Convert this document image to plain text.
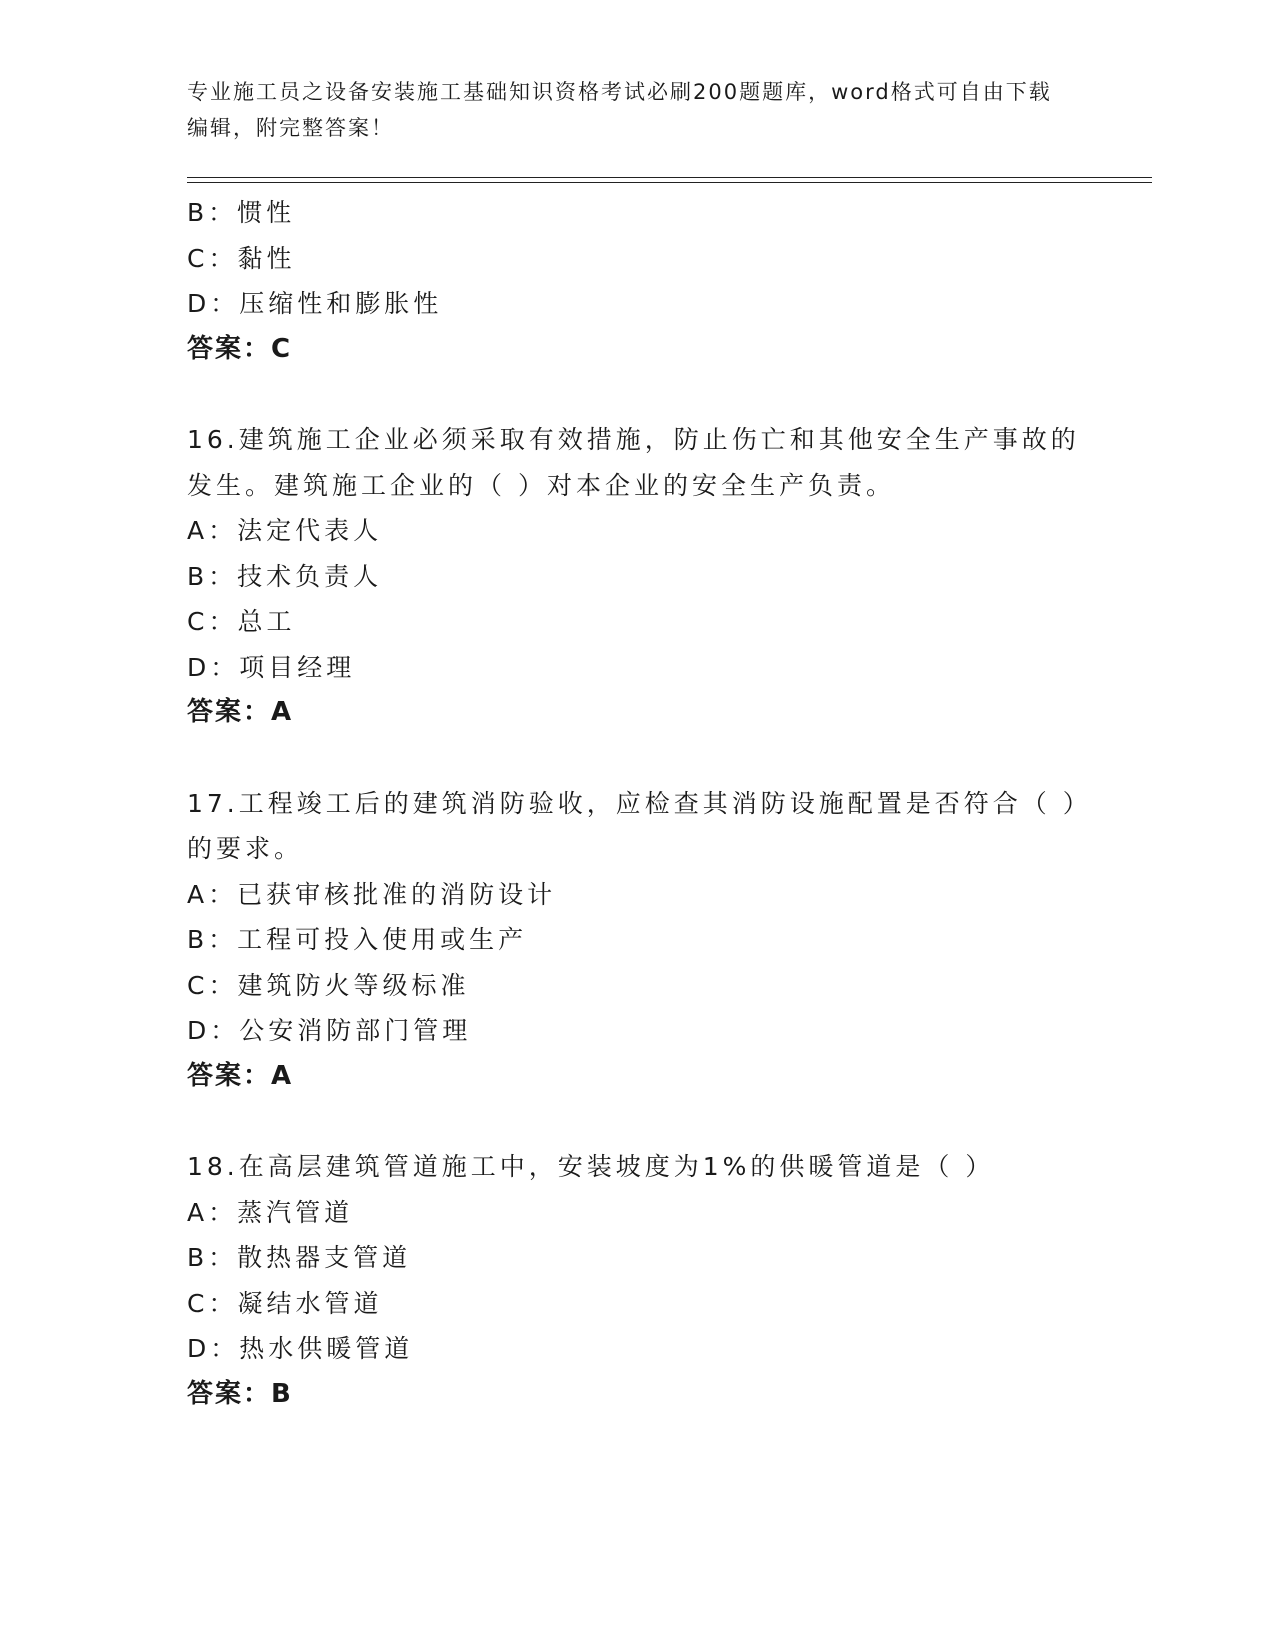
专业施工员之设备安装施工基础知识资格考试必刷200题题库，word格式可自由下载编辑，附完整答案！
B：惯性
C：黏性
D：压缩性和膨胀性
答案：C
16.建筑施工企业必须采取有效措施，防止伤亡和其他安全生产事故的发生。建筑施工企业的（ ）对本企业的安全生产负责。
A：法定代表人
B：技术负责人
C：总工
D：项目经理
答案：A
17.工程竣工后的建筑消防验收，应检查其消防设施配置是否符合（ ）的要求。
A：已获审核批准的消防设计
B：工程可投入使用或生产
C：建筑防火等级标准
D：公安消防部门管理
答案：A
18.在高层建筑管道施工中，安装坡度为1%的供暖管道是（ ）
A：蒸汽管道
B：散热器支管道
C：凝结水管道
D：热水供暖管道
答案：B
